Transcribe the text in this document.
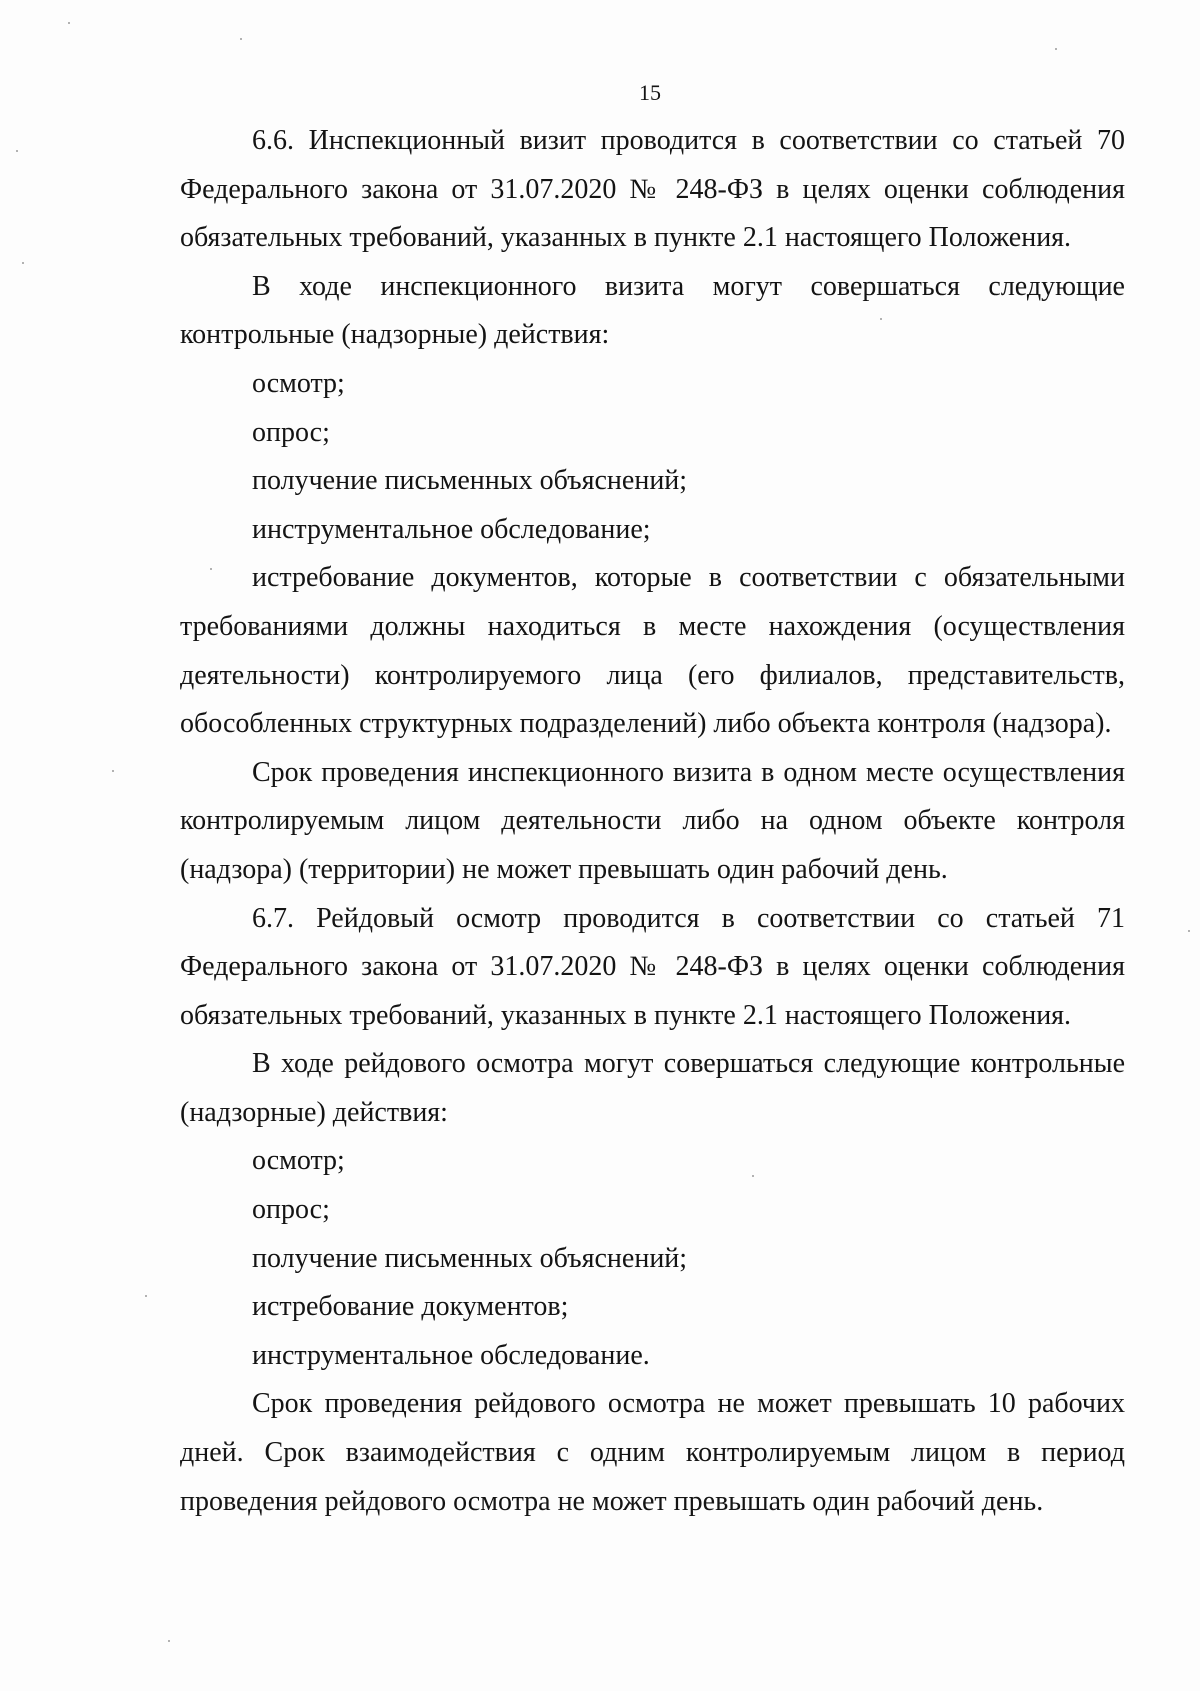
15

6.6. Инспекционный визит проводится в соответствии со статьей 70 Федерального закона от 31.07.2020 № 248-ФЗ в целях оценки соблюдения обязательных требований, указанных в пункте 2.1 настоящего Положения.

В ходе инспекционного визита могут совершаться следующие контрольные (надзорные) действия:

осмотр;

опрос;

получение письменных объяснений;

инструментальное обследование;

истребование документов, которые в соответствии с обязательными требованиями должны находиться в месте нахождения (осуществления деятельности) контролируемого лица (его филиалов, представительств, обособленных структурных подразделений) либо объекта контроля (надзора).

Срок проведения инспекционного визита в одном месте осуществления контролируемым лицом деятельности либо на одном объекте контроля (надзора) (территории) не может превышать один рабочий день.

6.7. Рейдовый осмотр проводится в соответствии со статьей 71 Федерального закона от 31.07.2020 № 248-ФЗ в целях оценки соблюдения обязательных требований, указанных в пункте 2.1 настоящего Положения.

В ходе рейдового осмотра могут совершаться следующие контрольные (надзорные) действия:

осмотр;

опрос;

получение письменных объяснений;

истребование документов;

инструментальное обследование.

Срок проведения рейдового осмотра не может превышать 10 рабочих дней. Срок взаимодействия с одним контролируемым лицом в период проведения рейдового осмотра не может превышать один рабочий день.
